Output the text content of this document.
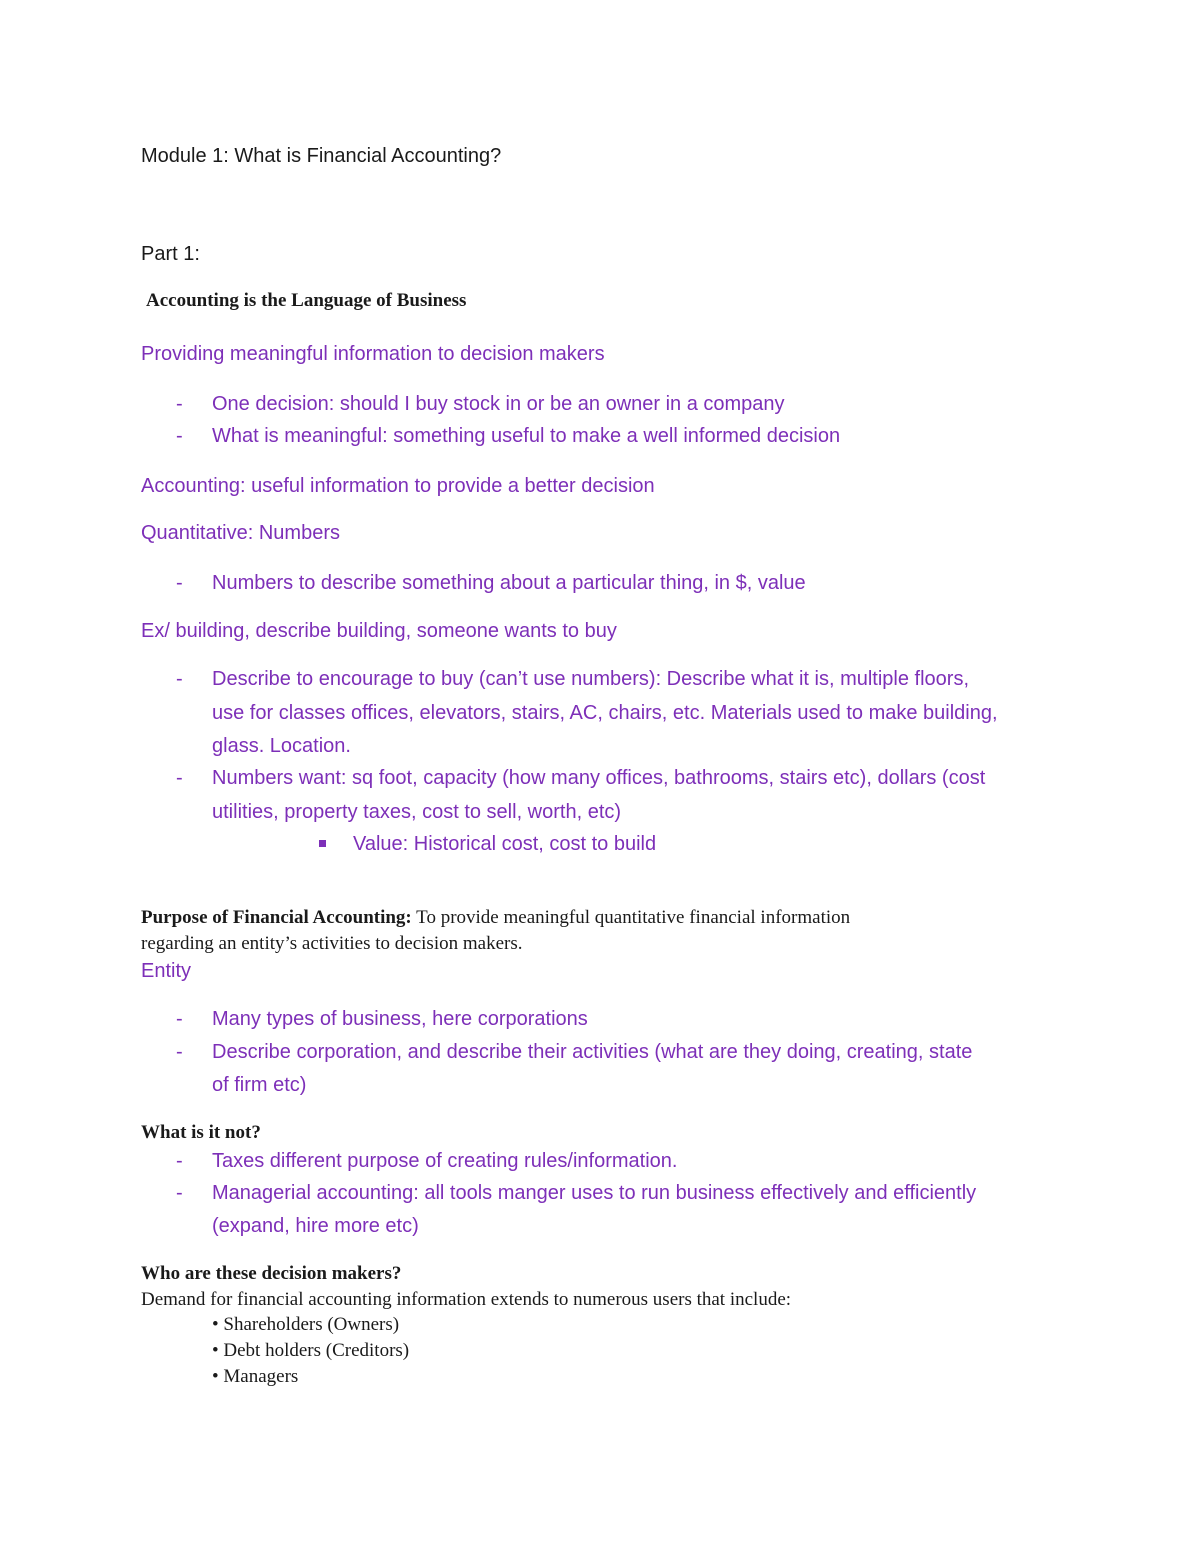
Module 1: What is Financial Accounting?
Part 1:
Accounting is the Language of Business
Providing meaningful information to decision makers
- One decision: should I buy stock in or be an owner in a company
- What is meaningful: something useful to make a well informed decision
Accounting: useful information to provide a better decision
Quantitative: Numbers
- Numbers to describe something about a particular thing, in $, value
Ex/ building, describe building, someone wants to buy
- Describe to encourage to buy (can’t use numbers): Describe what it is, multiple floors,
use for classes offices, elevators, stairs, AC, chairs, etc. Materials used to make building,
glass. Location.
- Numbers want: sq foot, capacity (how many offices, bathrooms, stairs etc), dollars (cost
utilities, property taxes, cost to sell, worth, etc)
Value: Historical cost, cost to build
Purpose of Financial Accounting: To provide meaningful quantitative financial information
regarding an entity’s activities to decision makers.
Entity
- Many types of business, here corporations
- Describe corporation, and describe their activities (what are they doing, creating, state
of firm etc)
What is it not?
- Taxes different purpose of creating rules/information.
- Managerial accounting: all tools manger uses to run business effectively and efficiently
(expand, hire more etc)
Who are these decision makers?
Demand for financial accounting information extends to numerous users that include:
• Shareholders (Owners)
• Debt holders (Creditors)
• Managers
